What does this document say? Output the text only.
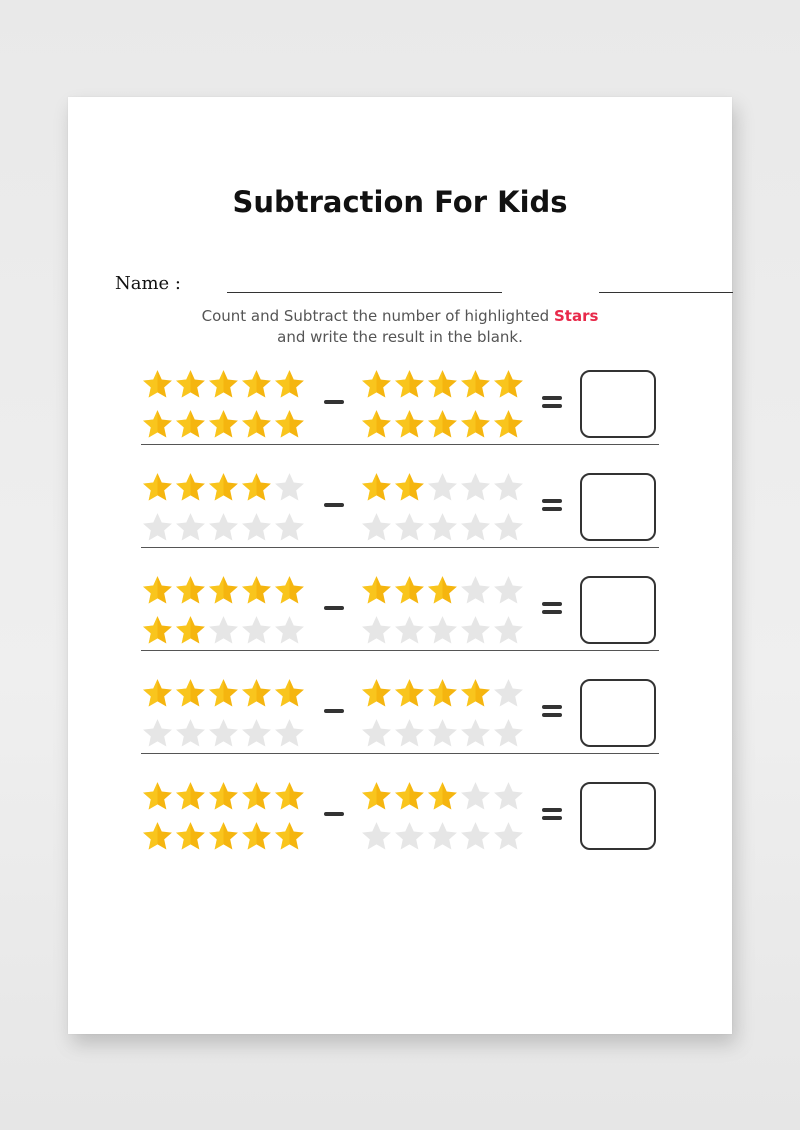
Subtraction For Kids
Name :
Count and Subtract the number of highlighted Stars
and write the result in the blank.
